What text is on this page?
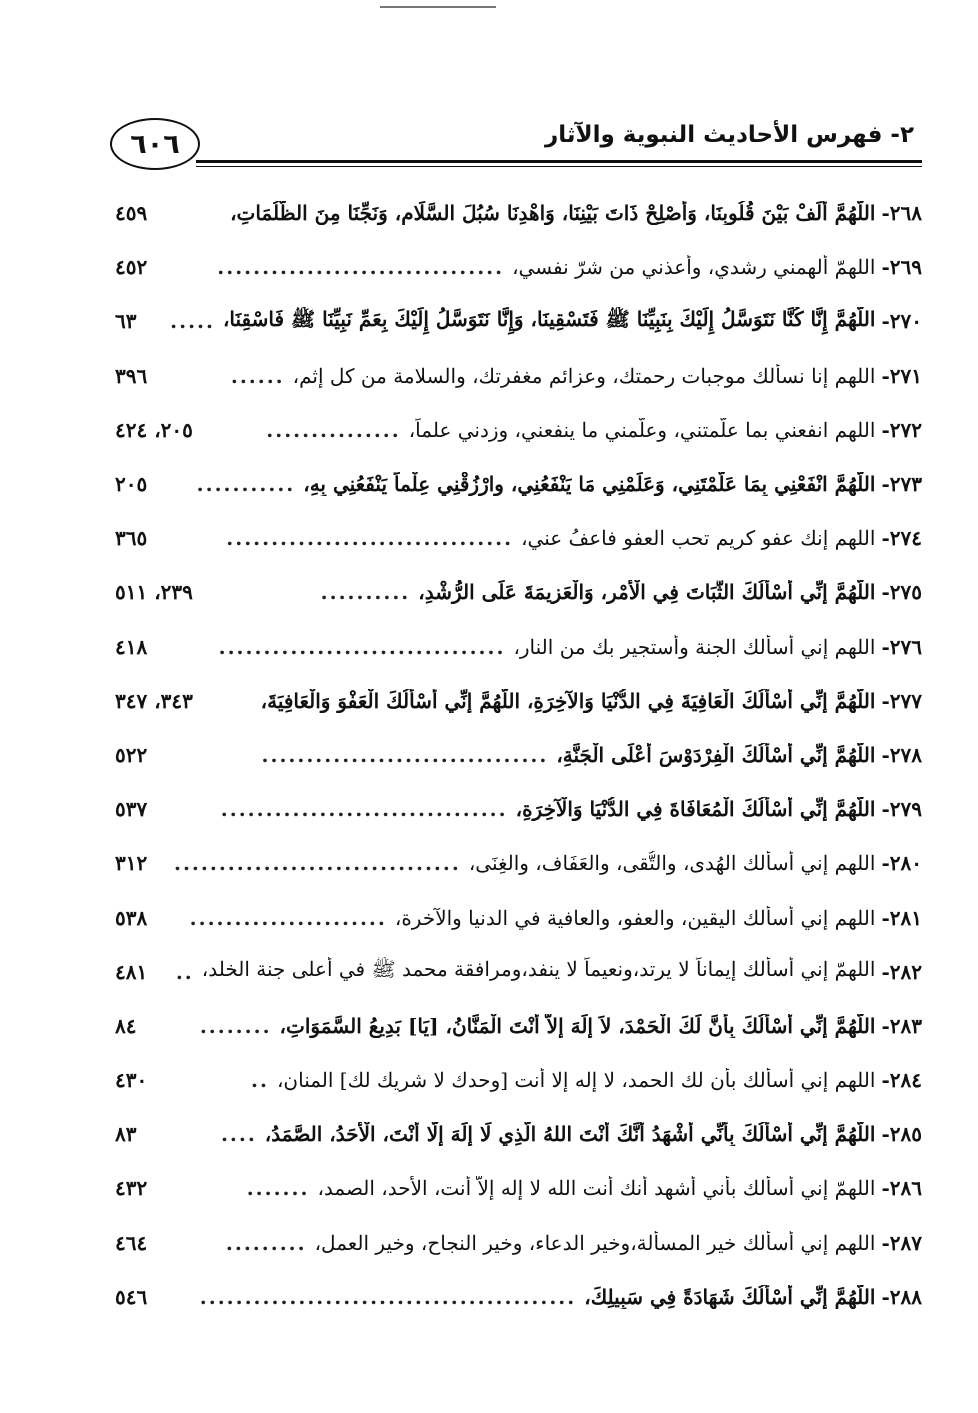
٦٠٦	٢- فهرس الأحاديث النبوية والآثار
٢٦٨-
اللَّهُمَّ أَلِّفْ بَيْنَ قُلُوبِنَا، وَأَصْلِحْ ذَاتَ بَيْنِنَا، وَاهْدِنَا سُبُلَ السَّلَامِ، وَنَجِّنَا مِنَ الظُّلُمَاتِ،
٤٥٩
٢٦٩-
اللهمّ ألهمني رشدي، وأعذني من شرّ نفسي،
................................
٤٥٢
٢٧٠-
اللَّهُمَّ إِنَّا كُنَّا نَتَوَسَّلُ إِلَيْكَ بِنَبِيِّنَا ﷺ فَتَسْقِينَا، وَإِنَّا نَتَوَسَّلُ إِلَيْكَ بِعَمِّ نَبِيِّنَا ﷺ فَاسْقِنَا،
.....
٦٣
٢٧١-
اللهم إنا نسألك موجبات رحمتك، وعزائم مغفرتك، والسلامة من كل إثم،
......
٣٩٦
٢٧٢-
اللهم انفعني بما علّمتني، وعلّمني ما ينفعني، وزدني علماً،
...............
٢٠٥، ٤٢٤
٢٧٣-
اللَّهُمَّ انْفَعْنِي بِمَا عَلَّمْتَنِي، وَعَلِّمْنِي مَا يَنْفَعُنِي، وارْزُقْنِي عِلْماً يَنْفَعُنِي بِهِ،
...........
٢٠٥
٢٧٤-
اللهم إنك عفو كريم تحب العفو فاعفُ عني،
................................
٣٦٥
٢٧٥-
اللَّهُمَّ إِنِّي أَسْأَلُكَ الثَّبَاتَ فِي الْأَمْرِ، وَالْعَزِيمَةَ عَلَى الرُّشْدِ،
..........
٢٣٩، ٥١١
٢٧٦-
اللهم إني أسألك الجنة وأستجير بك من النار،
................................
٤١٨
٢٧٧-
اللَّهُمَّ إِنِّي أَسْأَلُكَ الْعَافِيَةَ فِي الدُّنْيَا وَالآخِرَةِ، اللَّهُمَّ إِنِّي أَسْأَلُكَ الْعَفْوَ وَالْعَافِيَةَ،
٣٤٣، ٣٤٧
٢٧٨-
اللَّهُمَّ إِنِّي أَسْأَلُكَ الْفِرْدَوْسَ أَعْلَى الْجَنَّةِ،
................................
٥٢٢
٢٧٩-
اللَّهُمَّ إِنِّي أَسْأَلُكَ الْمُعَافَاةَ فِي الدُّنْيَا وَالْآخِرَةِ،
................................
٥٣٧
٢٨٠-
اللهم إني أسألك الهُدى، والتُّقى، والعَفَاف، والغِنَى،
................................
٣١٢
٢٨١-
اللهم إني أسألك اليقين، والعفو، والعافية في الدنيا والآخرة،
......................
٥٣٨
٢٨٢-
اللهمّ إني أسألك إيماناً لا يرتد،ونعيماً لا ينفد،ومرافقة محمد ﷺ في أعلى جنة الخلد،
..
٤٨١
٢٨٣-
اللَّهُمَّ إِنِّي أَسْأَلُكَ بِأَنَّ لَكَ الْحَمْدَ، لاَ إِلَهَ إِلاَّ أَنْتَ الْمَنَّانُ، [يَا] بَدِيعُ السَّمَوَاتِ،
........
٨٤
٢٨٤-
اللهم إني أسألك بأن لك الحمد، لا إله إلا أنت [وحدك لا شريك لك] المنان،
..
٤٣٠
٢٨٥-
اللَّهُمَّ إِنِّي أَسْأَلُكَ بِأَنِّي أَشْهَدُ أَنَّكَ أَنْتَ اللهُ الَّذِي لَا إِلَهَ إِلَّا أَنْتَ، الْأَحَدُ، الصَّمَدُ،
....
٨٣
٢٨٦-
اللهمّ إني أسألك بأني أشهد أنك أنت الله لا إله إلاّ أنت، الأحد، الصمد،
.......
٤٣٢
٢٨٧-
اللهم إني أسألك خير المسألة،وخير الدعاء، وخير النجاح، وخير العمل،
.........
٤٦٤
٢٨٨-
اللَّهُمَّ إِنِّي أَسْأَلُكَ شَهَادَةً فِي سَبِيلِكَ،
..........................................
٥٤٦
